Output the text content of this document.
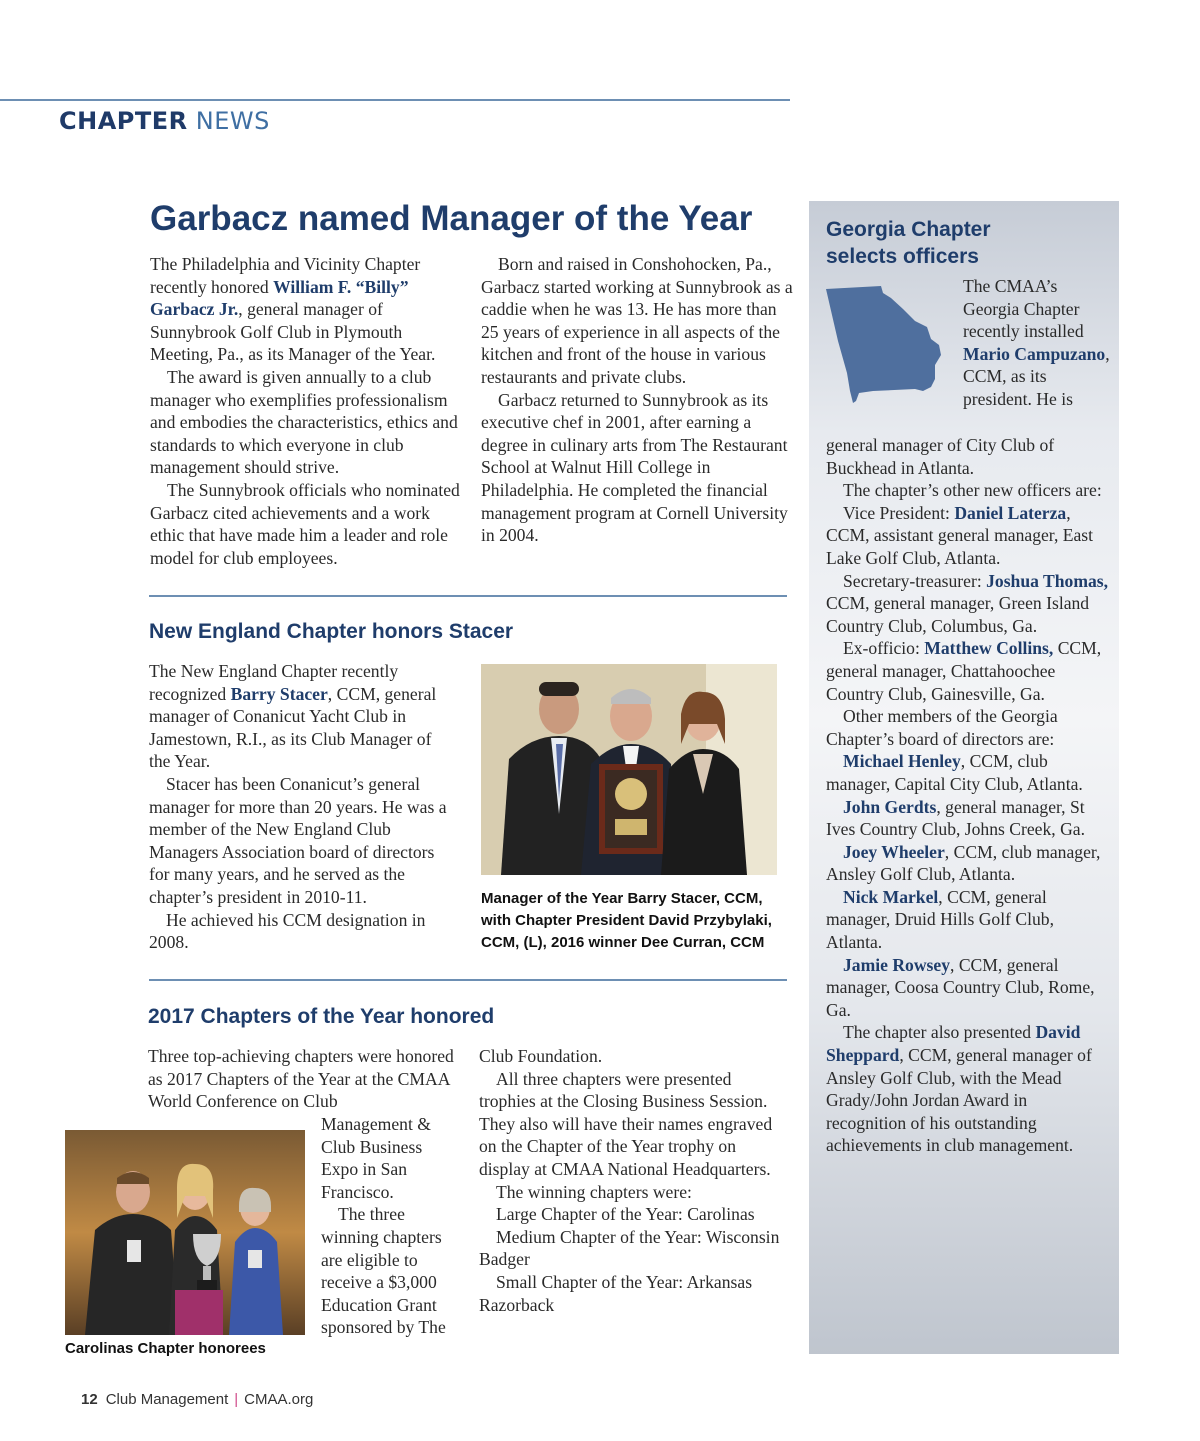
CHAPTER NEWS
Garbacz named Manager of the Year

The Philadelphia and Vicinity Chapter recently honored William F. “Billy” Garbacz Jr., general manager of Sunnybrook Golf Club in Plymouth Meeting, Pa., as its Manager of the Year.

The award is given annually to a club manager who exemplifies professionalism and embodies the characteristics, ethics and standards to which everyone in club management should strive.

The Sunnybrook officials who nominated Garbacz cited achievements and a work ethic that have made him a leader and role model for club employees.

Born and raised in Conshohocken, Pa., Garbacz started working at Sunnybrook as a caddie when he was 13. He has more than 25 years of experience in all aspects of the kitchen and front of the house in various restaurants and private clubs.

Garbacz returned to Sunnybrook as its executive chef in 2001, after earning a degree in culinary arts from The Restaurant School at Walnut Hill College in Philadelphia. He completed the financial management program at Cornell University in 2004.

New England Chapter honors Stacer

The New England Chapter recently recognized Barry Stacer, CCM, general manager of Conanicut Yacht Club in Jamestown, R.I., as its Club Manager of the Year.

Stacer has been Conanicut’s general manager for more than 20 years. He was a member of the New England Club Managers Association board of directors for many years, and he served as the chapter’s president in 2010-11.

He achieved his CCM designation in 2008.

Manager of the Year Barry Stacer, CCM, with Chapter President David Przybylaki, CCM, (L), 2016 winner Dee Curran, CCM
2017 Chapters of the Year honored

Three top-achieving chapters were honored as 2017 Chapters of the Year at the CMAA World Conference on Club

Management & Club Business Expo in San Francisco.

The three winning chapters are eligible to receive a $3,000 Education Grant sponsored by The

Carolinas Chapter honorees

Club Foundation.

All three chapters were presented trophies at the Closing Business Session. They also will have their names engraved on the Chapter of the Year trophy on display at CMAA National Headquarters.

The winning chapters were:

Large Chapter of the Year: Carolinas

Medium Chapter of the Year: Wisconsin Badger

Small Chapter of the Year: Arkansas Razorback

Georgia Chapter
selects officers

The CMAA’s Georgia Chapter recently installed Mario Campuzano, CCM, as its president. He is

general manager of City Club of Buckhead in Atlanta.

The chapter’s other new officers are:

Vice President: Daniel Laterza, CCM, assistant general manager, East Lake Golf Club, Atlanta.

Secretary-treasurer: Joshua Thomas, CCM, general manager, Green Island Country Club, Columbus, Ga.

Ex-officio: Matthew Collins, CCM, general manager, Chattahoochee Country Club, Gainesville, Ga.

Other members of the Georgia Chapter’s board of directors are:

Michael Henley, CCM, club manager, Capital City Club, Atlanta.

John Gerdts, general manager, St Ives Country Club, Johns Creek, Ga.

Joey Wheeler, CCM, club manager, Ansley Golf Club, Atlanta.

Nick Markel, CCM, general manager, Druid Hills Golf Club, Atlanta.

Jamie Rowsey, CCM, general manager, Coosa Country Club, Rome, Ga.

The chapter also presented David Sheppard, CCM, general manager of Ansley Golf Club, with the Mead Grady/John Jordan Award in recognition of his outstanding achievements in club management.

12 Club Management | CMAA.org
